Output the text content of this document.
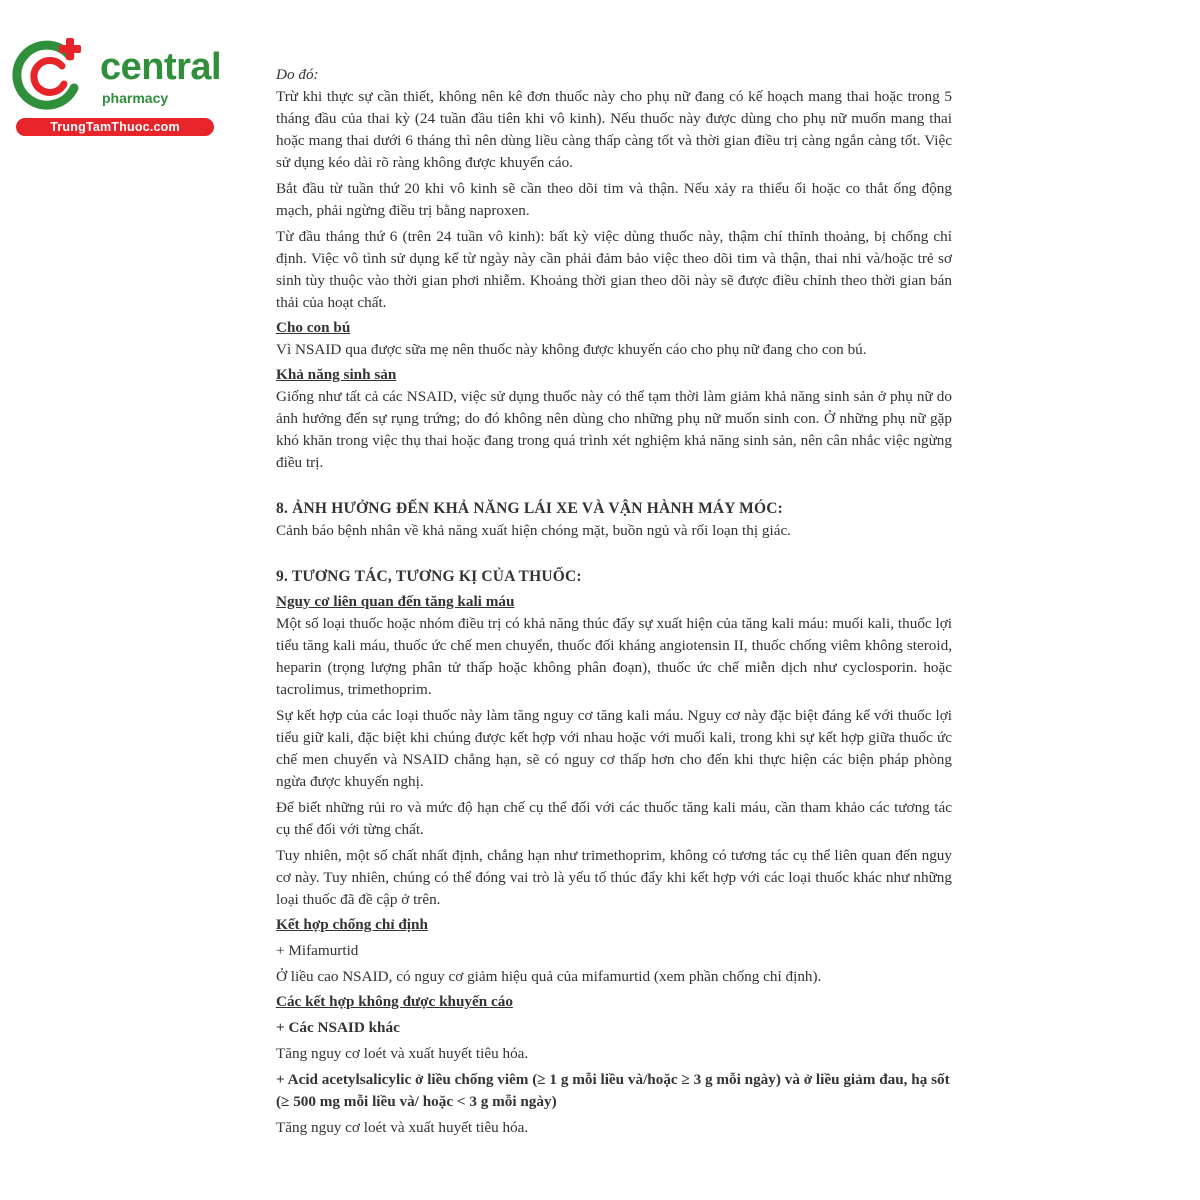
central
pharmacy
TrungTamThuoc.com

Do đó:

Trừ khi thực sự cần thiết, không nên kê đơn thuốc này cho phụ nữ đang có kế hoạch mang thai hoặc trong 5 tháng đầu của thai kỳ (24 tuần đầu tiên khi vô kinh). Nếu thuốc này được dùng cho phụ nữ muốn mang thai hoặc mang thai dưới 6 tháng thì nên dùng liều càng thấp càng tốt và thời gian điều trị càng ngắn càng tốt. Việc sử dụng kéo dài rõ ràng không được khuyến cáo.

Bắt đầu từ tuần thứ 20 khi vô kinh sẽ cần theo dõi tim và thận. Nếu xảy ra thiểu ối hoặc co thắt ống động mạch, phải ngừng điều trị bằng naproxen.

Từ đầu tháng thứ 6 (trên 24 tuần vô kinh): bất kỳ việc dùng thuốc này, thậm chí thỉnh thoảng, bị chống chỉ định. Việc vô tình sử dụng kể từ ngày này cần phải đảm bảo việc theo dõi tim và thận, thai nhi và/hoặc trẻ sơ sinh tùy thuộc vào thời gian phơi nhiễm. Khoảng thời gian theo dõi này sẽ được điều chỉnh theo thời gian bán thải của hoạt chất.

Cho con bú

Vì NSAID qua được sữa mẹ nên thuốc này không được khuyến cáo cho phụ nữ đang cho con bú.

Khả năng sinh sản

Giống như tất cả các NSAID, việc sử dụng thuốc này có thể tạm thời làm giảm khả năng sinh sản ở phụ nữ do ảnh hưởng đến sự rụng trứng; do đó không nên dùng cho những phụ nữ muốn sinh con. Ở những phụ nữ gặp khó khăn trong việc thụ thai hoặc đang trong quá trình xét nghiệm khả năng sinh sản, nên cân nhắc việc ngừng điều trị.

8. ẢNH HƯỞNG ĐẾN KHẢ NĂNG LÁI XE VÀ VẬN HÀNH MÁY MÓC:

Cảnh báo bệnh nhân về khả năng xuất hiện chóng mặt, buồn ngủ và rối loạn thị giác.

9. TƯƠNG TÁC, TƯƠNG KỊ CỦA THUỐC:

Nguy cơ liên quan đến tăng kali máu

Một số loại thuốc hoặc nhóm điều trị có khả năng thúc đẩy sự xuất hiện của tăng kali máu: muối kali, thuốc lợi tiểu tăng kali máu, thuốc ức chế men chuyển, thuốc đối kháng angiotensin II, thuốc chống viêm không steroid, heparin (trọng lượng phân tử thấp hoặc không phân đoạn), thuốc ức chế miễn dịch như cyclosporin. hoặc tacrolimus, trimethoprim.

Sự kết hợp của các loại thuốc này làm tăng nguy cơ tăng kali máu. Nguy cơ này đặc biệt đáng kể với thuốc lợi tiểu giữ kali, đặc biệt khi chúng được kết hợp với nhau hoặc với muối kali, trong khi sự kết hợp giữa thuốc ức chế men chuyển và NSAID chẳng hạn, sẽ có nguy cơ thấp hơn cho đến khi thực hiện các biện pháp phòng ngừa được khuyến nghị.

Để biết những rủi ro và mức độ hạn chế cụ thể đối với các thuốc tăng kali máu, cần tham khảo các tương tác cụ thể đối với từng chất.

Tuy nhiên, một số chất nhất định, chẳng hạn như trimethoprim, không có tương tác cụ thể liên quan đến nguy cơ này. Tuy nhiên, chúng có thể đóng vai trò là yếu tố thúc đẩy khi kết hợp với các loại thuốc khác như những loại thuốc đã đề cập ở trên.

Kết hợp chống chỉ định

+ Mifamurtid

Ở liều cao NSAID, có nguy cơ giảm hiệu quả của mifamurtid (xem phần chống chỉ định).

Các kết hợp không được khuyến cáo

+ Các NSAID khác

Tăng nguy cơ loét và xuất huyết tiêu hóa.

+ Acid acetylsalicylic ở liều chống viêm (≥ 1 g mỗi liều và/hoặc ≥ 3 g mỗi ngày) và ở liều giảm đau, hạ sốt (≥ 500 mg mỗi liều và/ hoặc < 3 g mỗi ngày)

Tăng nguy cơ loét và xuất huyết tiêu hóa.
